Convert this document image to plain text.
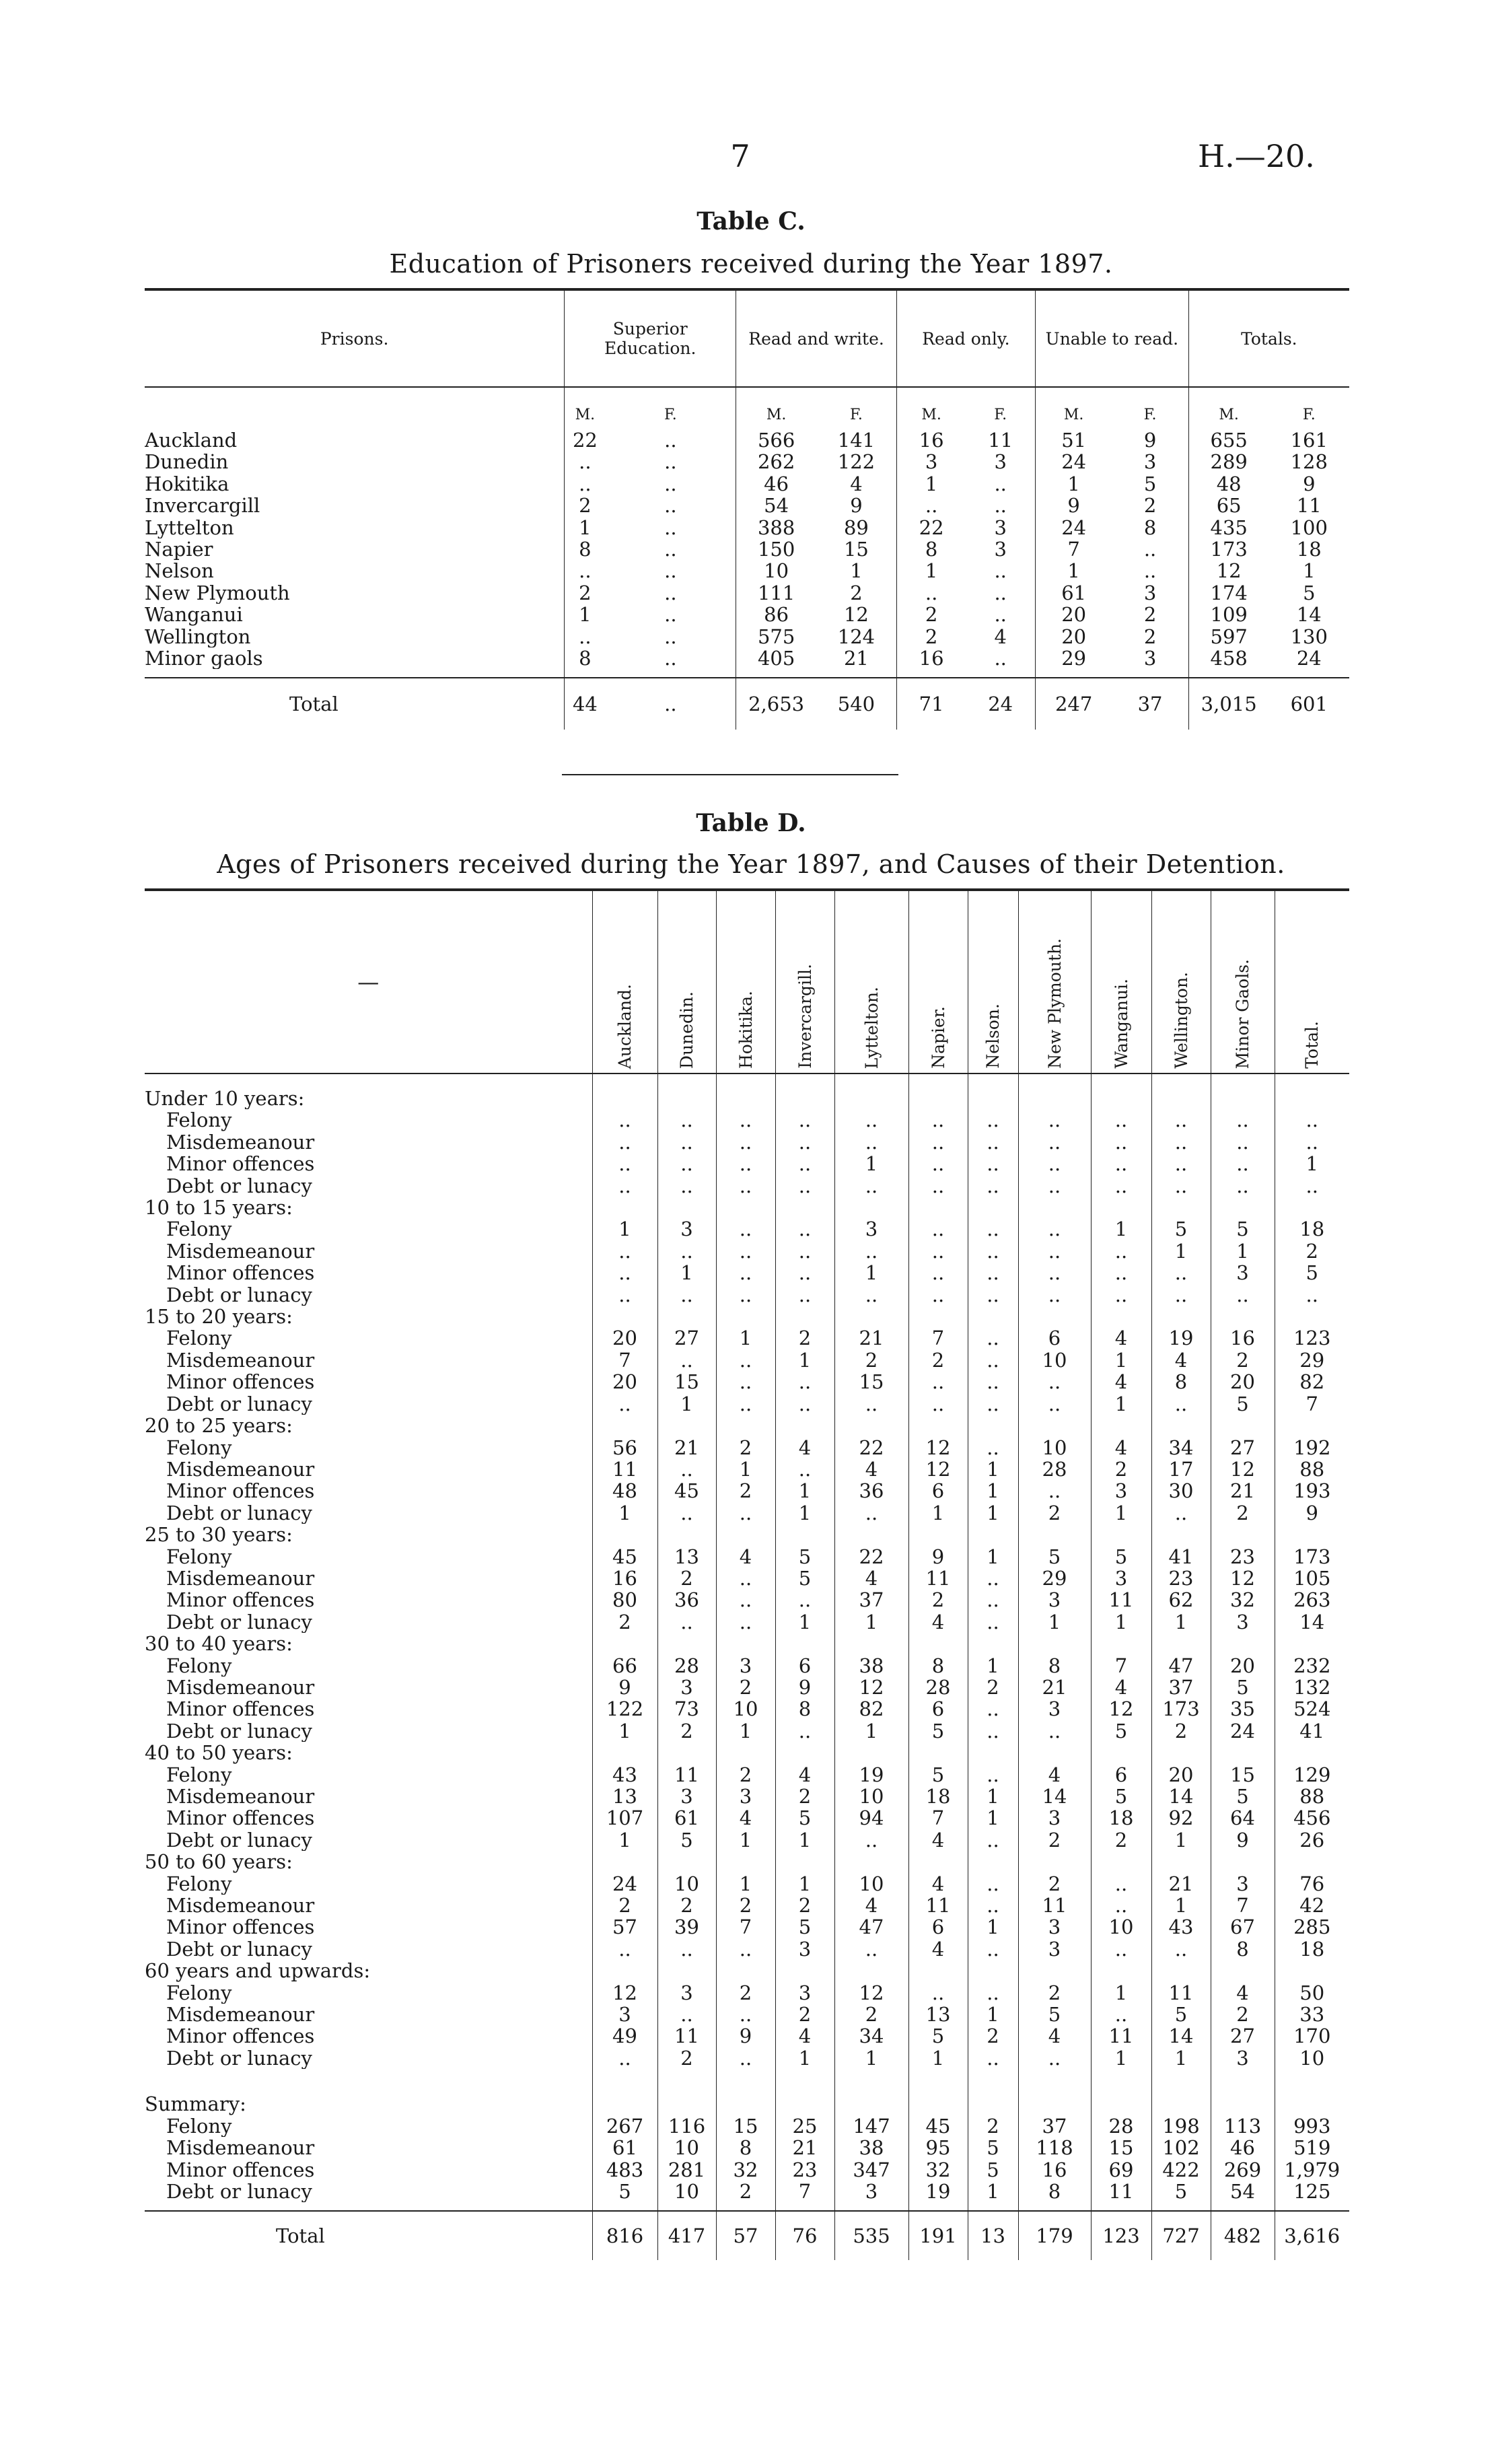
7	H.—20.
Table C.
Education of Prisoners received during the Year 1897.
Prisons.	Superior Education.		Read and write.		Read only.		Unable to read.		Totals.	

	M.	F.	M.	F.	M.	F.	M.	F.	M.	F.
Auckland	22	..	566	141	16	11	51	9	655	161
Dunedin	..	..	262	122	3	3	24	3	289	128
Hokitika	..	..	46	4	1	..	1	5	48	9
Invercargill	2	..	54	9	..	..	9	2	65	11
Lyttelton	1	..	388	89	22	3	24	8	435	100
Napier	8	..	150	15	8	3	7	..	173	18
Nelson	..	..	10	1	1	..	1	..	12	1
New Plymouth	2	..	111	2	..	..	61	3	174	5
Wanganui	1	..	86	12	2	..	20	2	109	14
Wellington	..	..	575	124	2	4	20	2	597	130
Minor gaols	8	..	405	21	16	..	29	3	458	24

Total	44	..	2,653	540	71	24	247	37	3,015	601
Table D.
Ages of Prisoners received during the Year 1897, and Causes of their Detention.
—	Auckland.	Dunedin.	Hokitika.	Invercargill.	Lyttelton.	Napier.	Nelson.	New Plymouth.	Wanganui.	Wellington.	Minor Gaols.	Total.

Under 10 years:												
Felony	..	..	..	..	..	..	..	..	..	..	..	..
Misdemeanour	..	..	..	..	..	..	..	..	..	..	..	..
Minor offences	..	..	..	..	1	..	..	..	..	..	..	1
Debt or lunacy	..	..	..	..	..	..	..	..	..	..	..	..
10 to 15 years:												
Felony	1	3	..	..	3	..	..	..	1	5	5	18
Misdemeanour	..	..	..	..	..	..	..	..	..	1	1	2
Minor offences	..	1	..	..	1	..	..	..	..	..	3	5
Debt or lunacy	..	..	..	..	..	..	..	..	..	..	..	..
15 to 20 years:												
Felony	20	27	1	2	21	7	..	6	4	19	16	123
Misdemeanour	7	..	..	1	2	2	..	10	1	4	2	29
Minor offences	20	15	..	..	15	..	..	..	4	8	20	82
Debt or lunacy	..	1	..	..	..	..	..	..	1	..	5	7
20 to 25 years:												
Felony	56	21	2	4	22	12	..	10	4	34	27	192
Misdemeanour	11	..	1	..	4	12	1	28	2	17	12	88
Minor offences	48	45	2	1	36	6	1	..	3	30	21	193
Debt or lunacy	1	..	..	1	..	1	1	2	1	..	2	9
25 to 30 years:												
Felony	45	13	4	5	22	9	1	5	5	41	23	173
Misdemeanour	16	2	..	5	4	11	..	29	3	23	12	105
Minor offences	80	36	..	..	37	2	..	3	11	62	32	263
Debt or lunacy	2	..	..	1	1	4	..	1	1	1	3	14
30 to 40 years:												
Felony	66	28	3	6	38	8	1	8	7	47	20	232
Misdemeanour	9	3	2	9	12	28	2	21	4	37	5	132
Minor offences	122	73	10	8	82	6	..	3	12	173	35	524
Debt or lunacy	1	2	1	..	1	5	..	..	5	2	24	41
40 to 50 years:												
Felony	43	11	2	4	19	5	..	4	6	20	15	129
Misdemeanour	13	3	3	2	10	18	1	14	5	14	5	88
Minor offences	107	61	4	5	94	7	1	3	18	92	64	456
Debt or lunacy	1	5	1	1	..	4	..	2	2	1	9	26
50 to 60 years:												
Felony	24	10	1	1	10	4	..	2	..	21	3	76
Misdemeanour	2	2	2	2	4	11	..	11	..	1	7	42
Minor offences	57	39	7	5	47	6	1	3	10	43	67	285
Debt or lunacy	..	..	..	3	..	4	..	3	..	..	8	18
60 years and upwards:												
Felony	12	3	2	3	12	..	..	2	1	11	4	50
Misdemeanour	3	..	..	2	2	13	1	5	..	5	2	33
Minor offences	49	11	9	4	34	5	2	4	11	14	27	170
Debt or lunacy	..	2	..	1	1	1	..	..	1	1	3	10

Summary:												
Felony	267	116	15	25	147	45	2	37	28	198	113	993
Misdemeanour	61	10	8	21	38	95	5	118	15	102	46	519
Minor offences	483	281	32	23	347	32	5	16	69	422	269	1,979
Debt or lunacy	5	10	2	7	3	19	1	8	11	5	54	125

Total	816	417	57	76	535	191	13	179	123	727	482	3,616
